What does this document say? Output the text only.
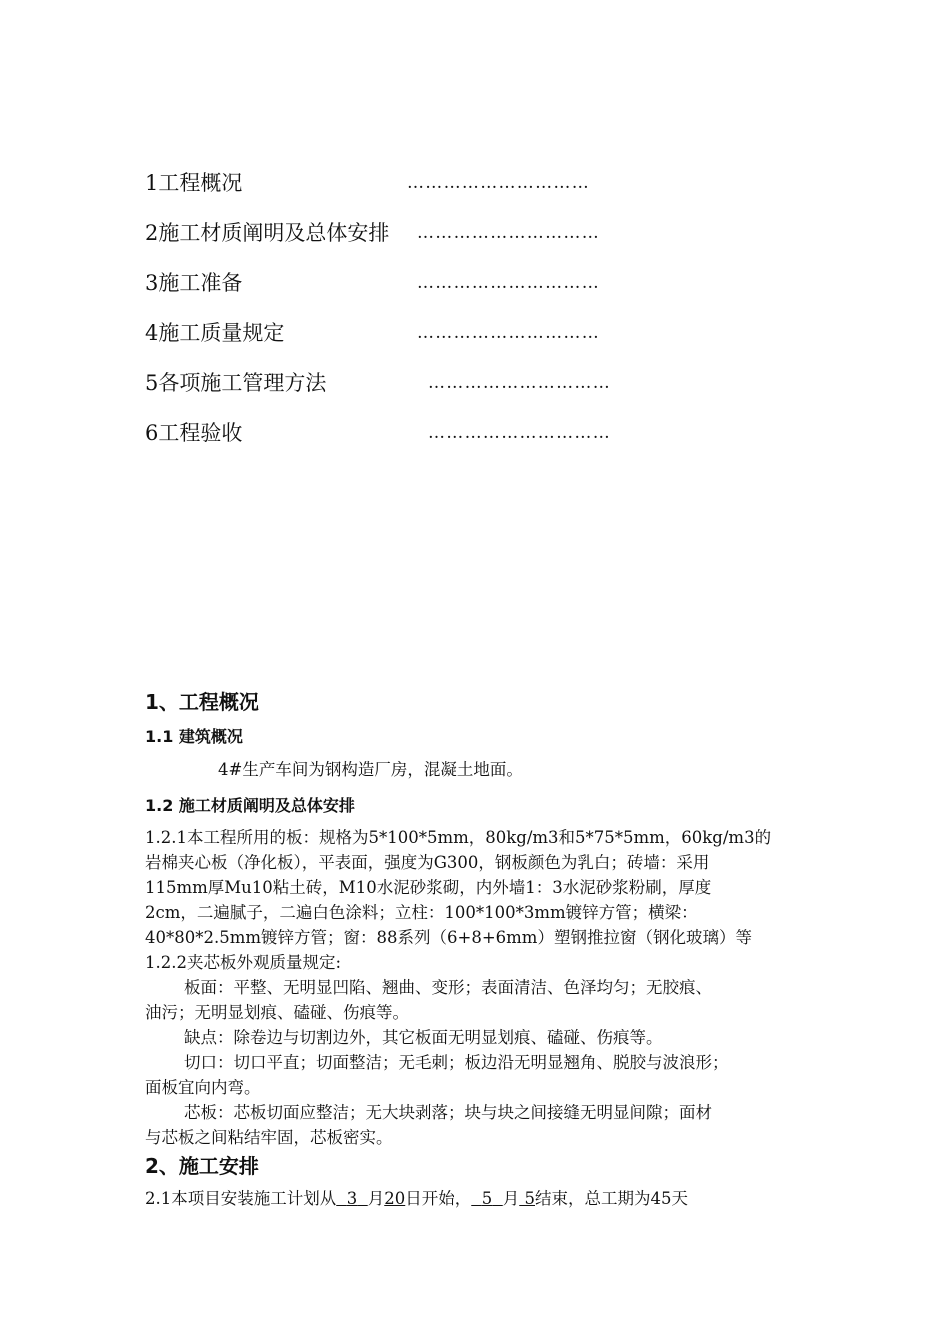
1工程概况	…………………………
2施工材质阐明及总体安排 …………………………
3施工准备	…………………………
4施工质量规定	…………………………
5各项施工管理方法	…………………………
6工程验收	…………………………
1、工程概况
1.1 建筑概况
4#生产车间为钢构造厂房，混凝土地面。
1.2 施工材质阐明及总体安排
1.2.1本工程所用的板：规格为5*100*5mm，80kg/m3和5*75*5mm，60kg/m3的
岩棉夹心板（净化板），平表面，强度为G300，钢板颜色为乳白；砖墙：采用
115mm厚Mu10粘土砖，M10水泥砂浆砌，内外墙1：3水泥砂浆粉刷，厚度
2cm，二遍腻子，二遍白色涂料；立柱：100*100*3mm镀锌方管；横梁：
40*80*2.5mm镀锌方管；窗：88系列（6+8+6mm）塑钢推拉窗（钢化玻璃）等
1.2.2夹芯板外观质量规定:
板面：平整、无明显凹陷、翘曲、变形；表面清洁、色泽均匀；无胶痕、
油污；无明显划痕、磕碰、伤痕等。
缺点：除卷边与切割边外，其它板面无明显划痕、磕碰、伤痕等。
切口：切口平直；切面整洁；无毛刺；板边沿无明显翘角、脱胶与波浪形；
面板宜向内弯。
芯板：芯板切面应整洁；无大块剥落；块与块之间接缝无明显间隙；面材
与芯板之间粘结牢固，芯板密实。
2、施工安排
2.1本项目安装施工计划从 3 月20日开始， 5 月 5结束，总工期为45天
